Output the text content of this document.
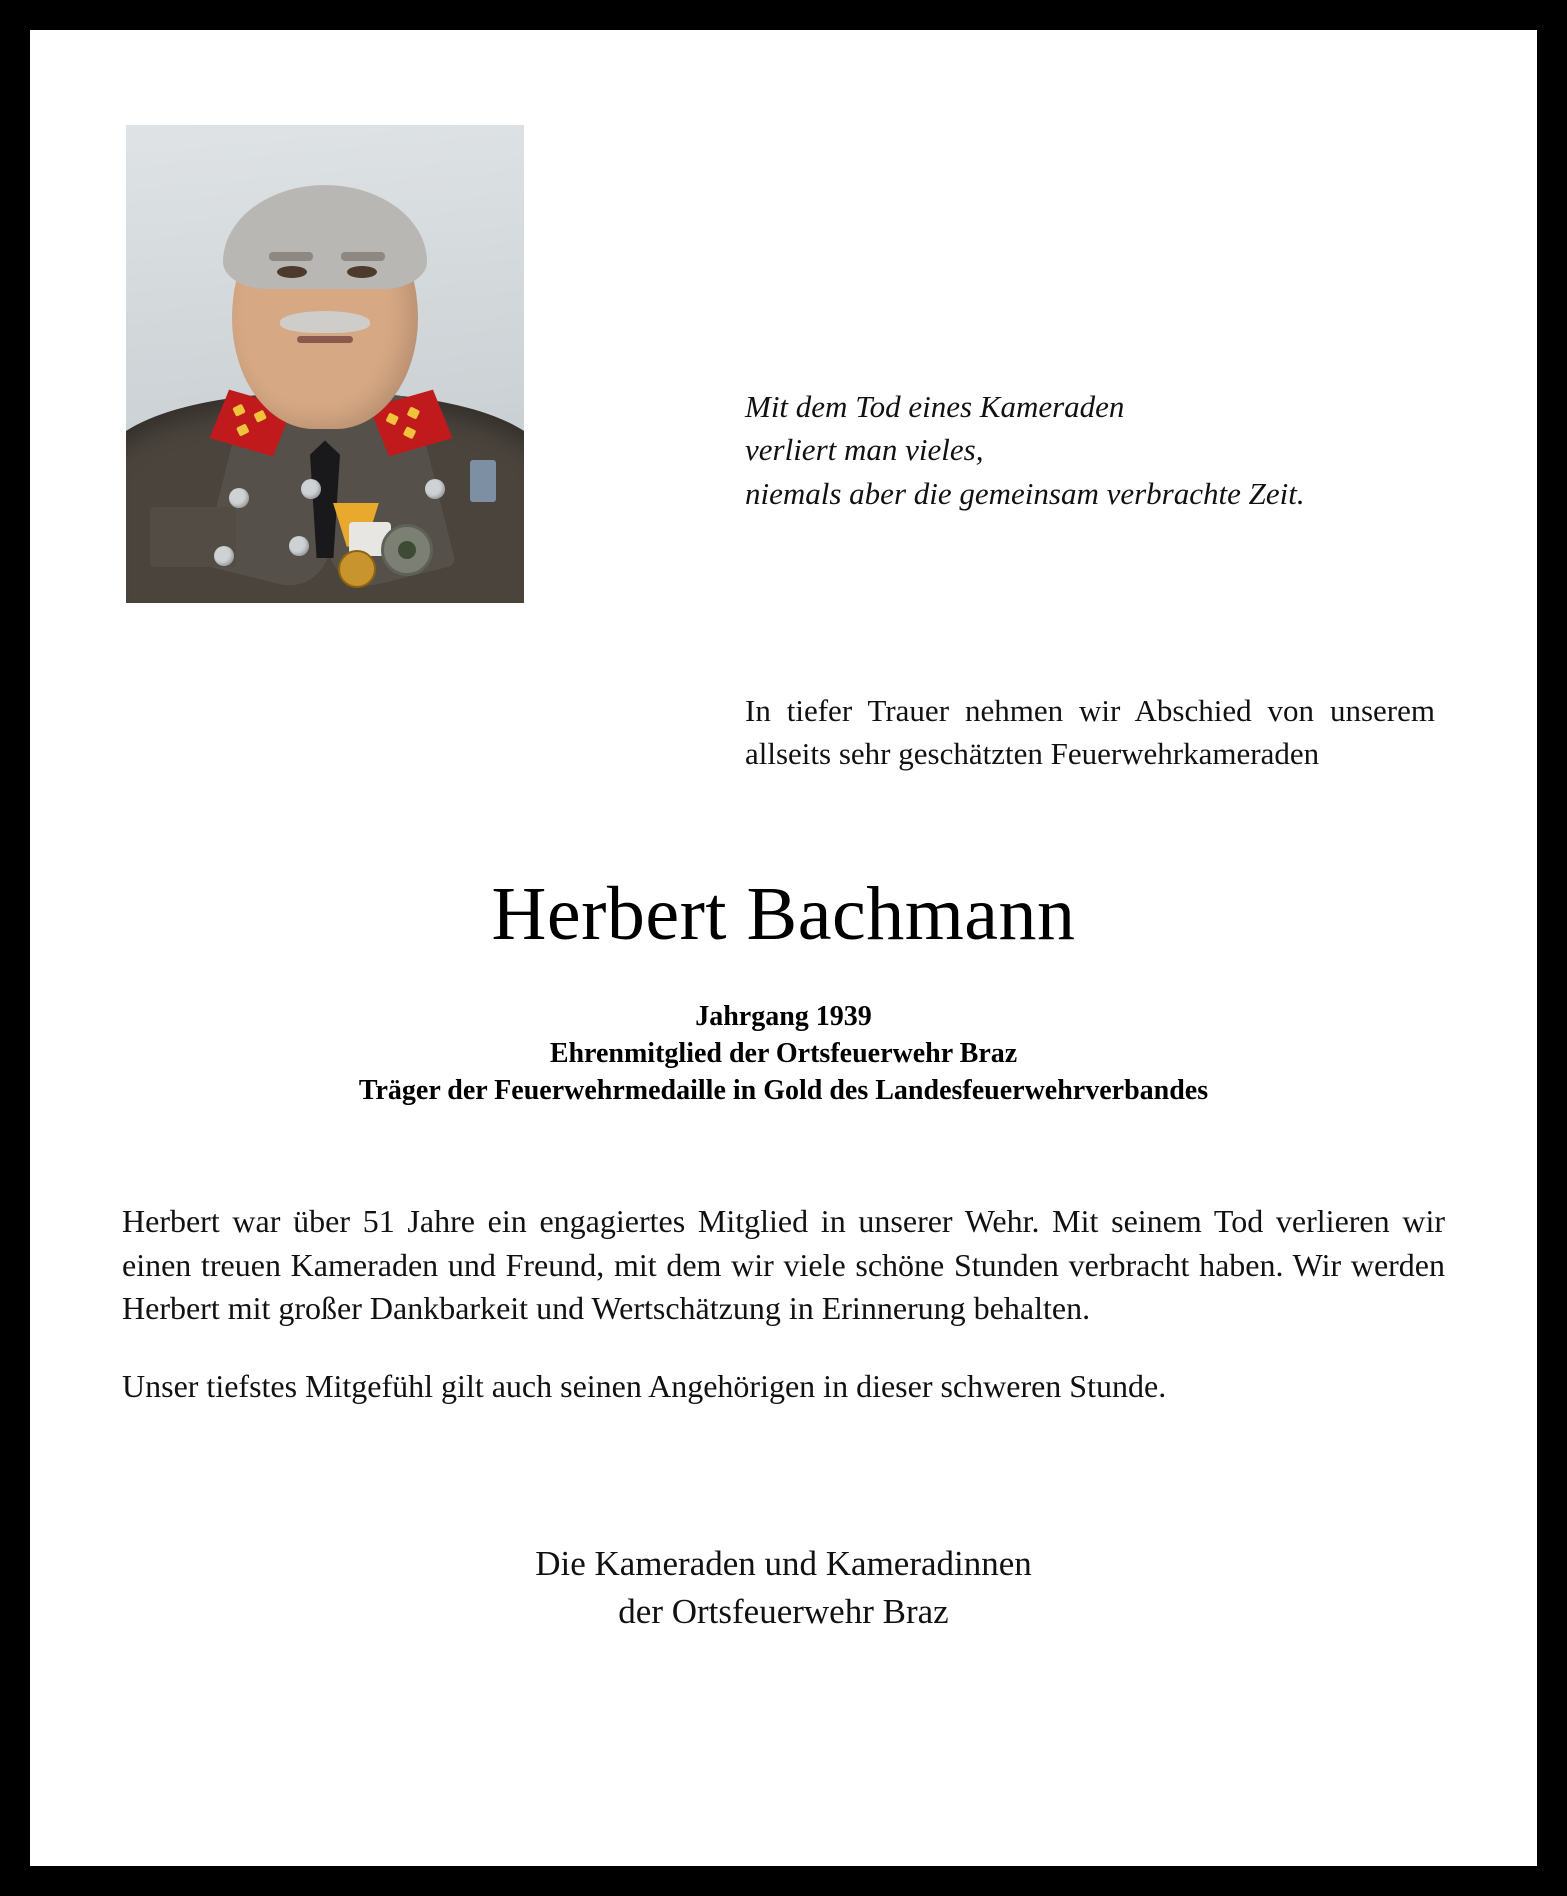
Mit dem Tod eines Kameraden
verliert man vieles,
niemals aber die gemeinsam verbrachte Zeit.
In tiefer Trauer nehmen wir Abschied von unserem allseits sehr geschätzten Feuerwehrkameraden
Herbert Bachmann
Jahrgang 1939
Ehrenmitglied der Ortsfeuerwehr Braz
Träger der Feuerwehrmedaille in Gold des Landesfeuerwehrverbandes

Herbert war über 51 Jahre ein engagiertes Mitglied in unserer Wehr. Mit seinem Tod verlieren wir einen treuen Kameraden und Freund, mit dem wir viele schöne Stunden verbracht haben. Wir werden Herbert mit großer Dankbarkeit und Wertschätzung in Erinnerung behalten.

Unser tiefstes Mitgefühl gilt auch seinen Angehörigen in dieser schweren Stunde.

Die Kameraden und Kameradinnen
der Ortsfeuerwehr Braz
